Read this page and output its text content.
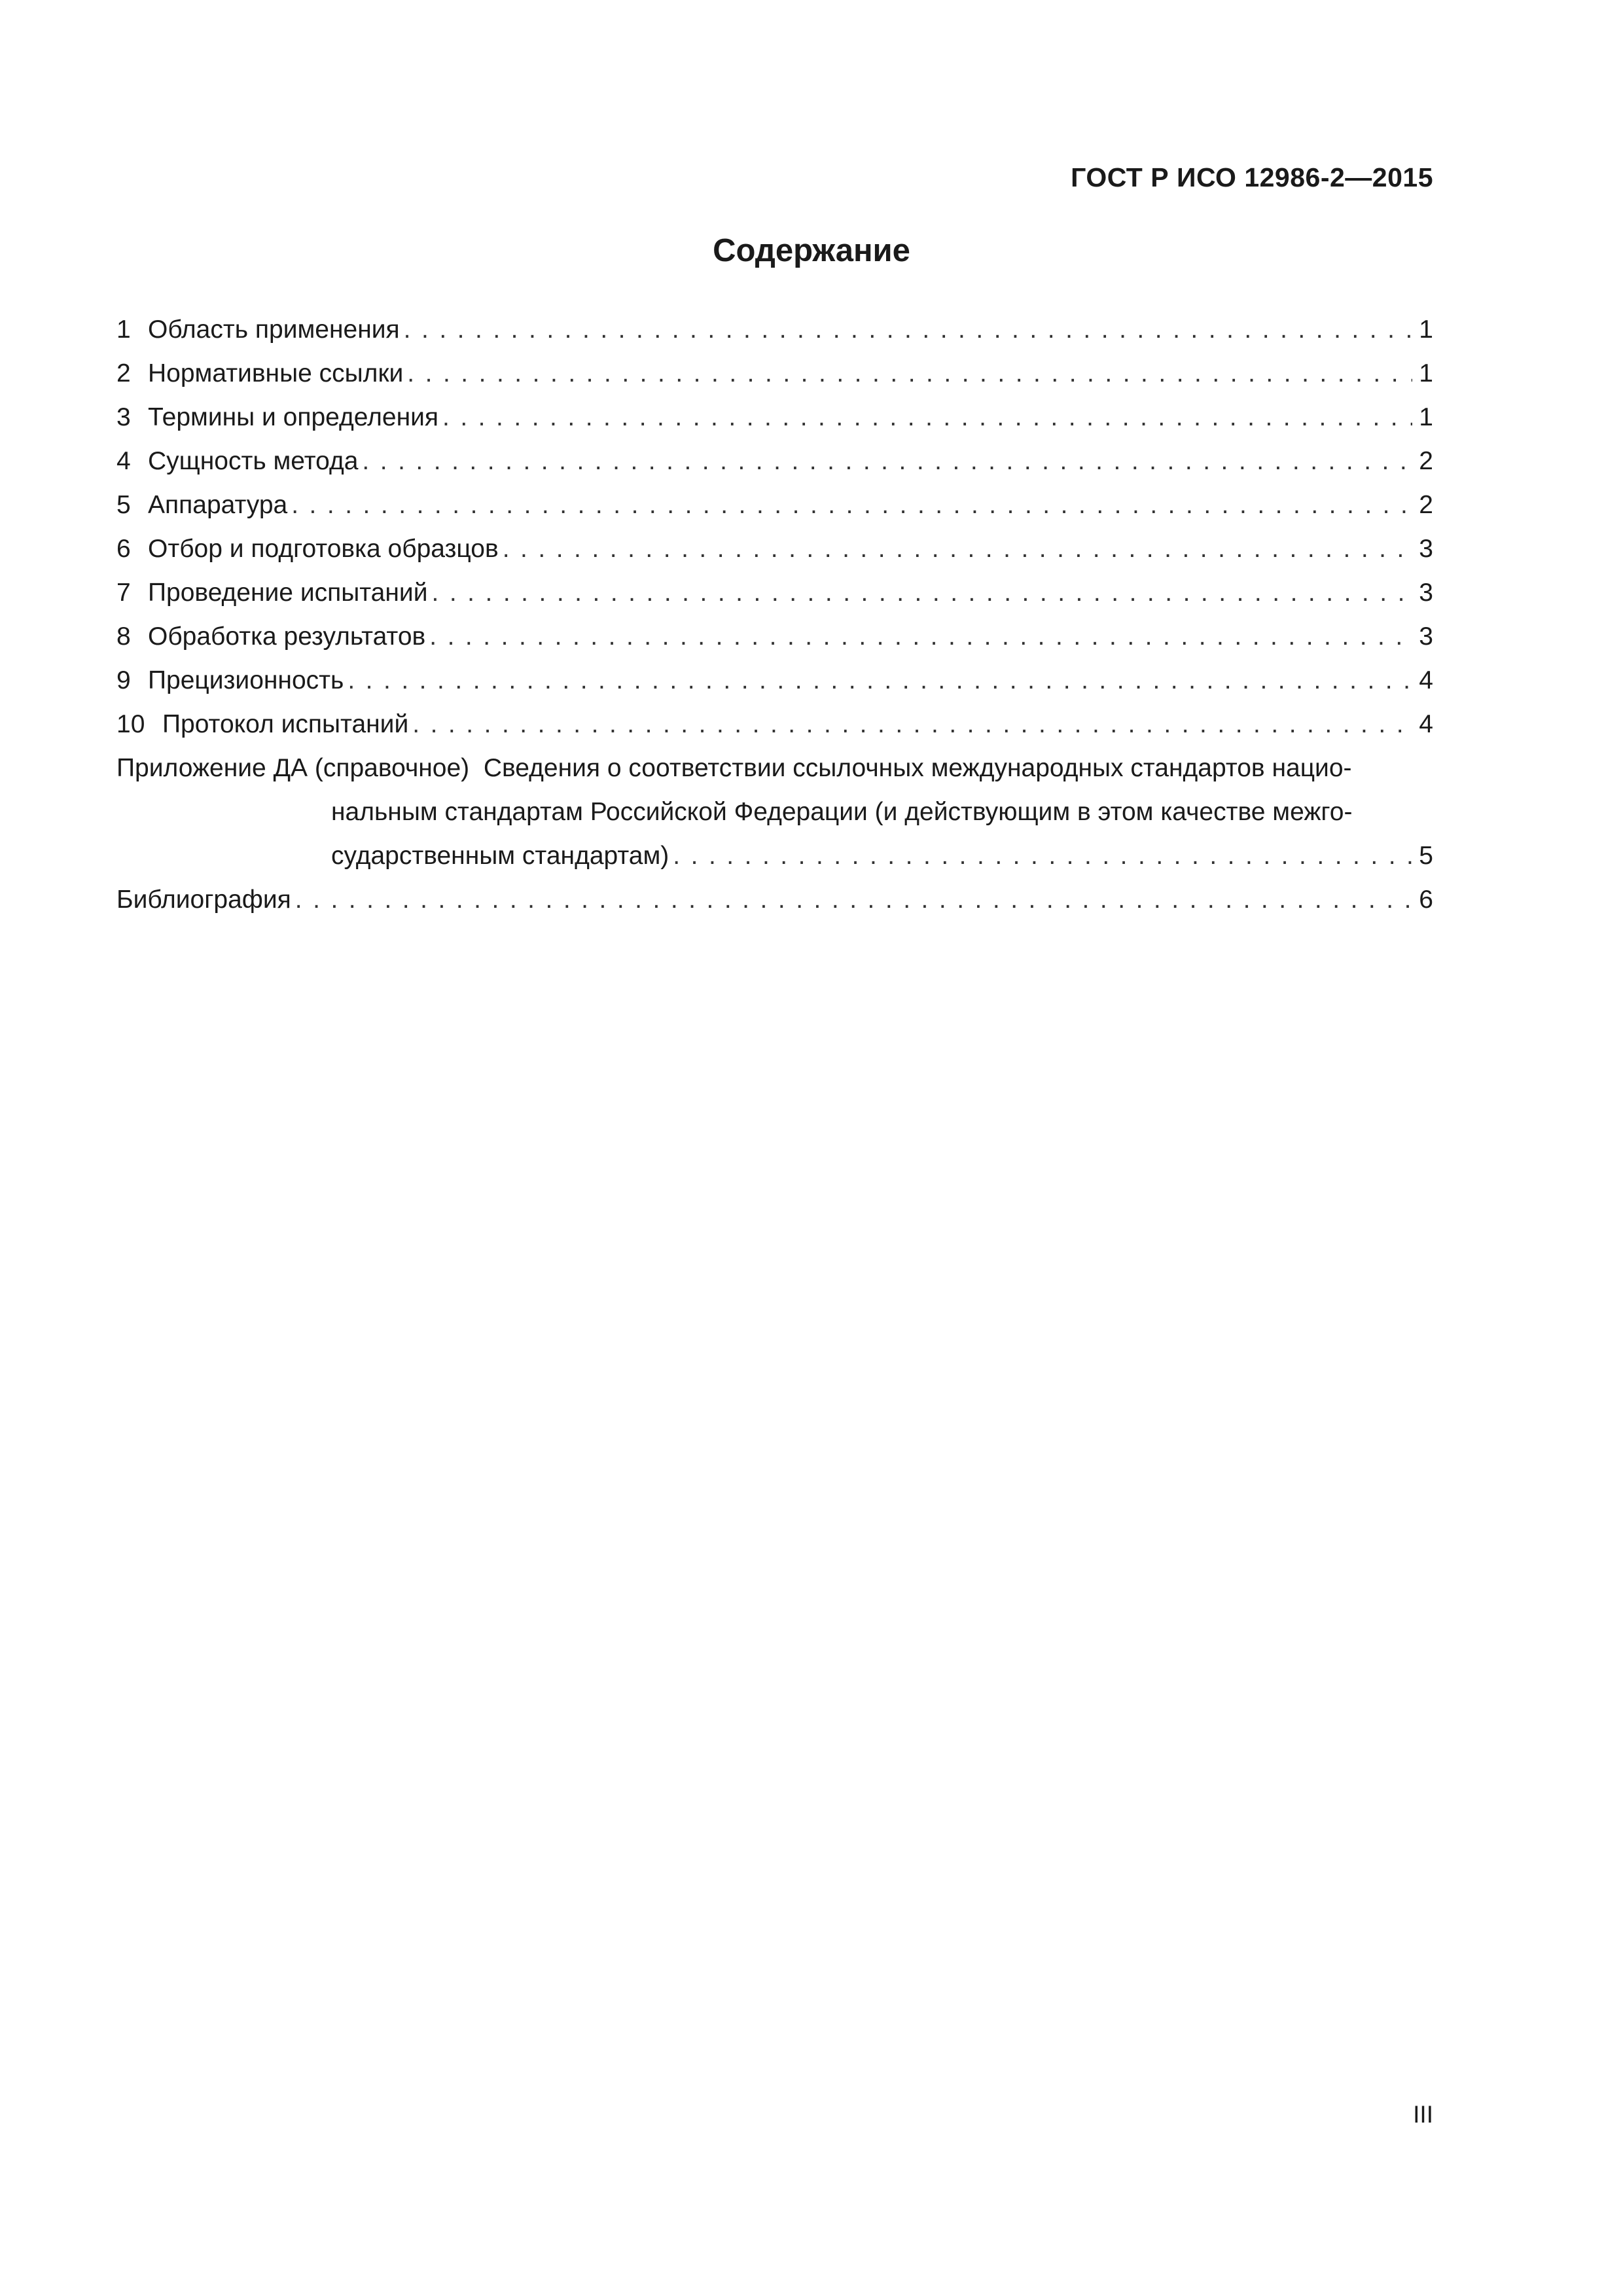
ГОСТ Р ИСО 12986-2—2015
Содержание
1 Область применения .....	1
2 Нормативные ссылки .....	1
3 Термины и определения .....	1
4 Сущность метода .....	2
5 Аппаратура .....	2
6 Отбор и подготовка образцов .....	3
7 Проведение испытаний .....	3
8 Обработка результатов .....	3
9 Прецизионность .....	4
10 Протокол испытаний .....	4
Приложение ДА (справочное) Сведения о соответствии ссылочных международных стандартов нацио-
нальным стандартам Российской Федерации (и действующим в этом качестве межго-
сударственным стандартам) .....	5
Библиография .....	6
III
